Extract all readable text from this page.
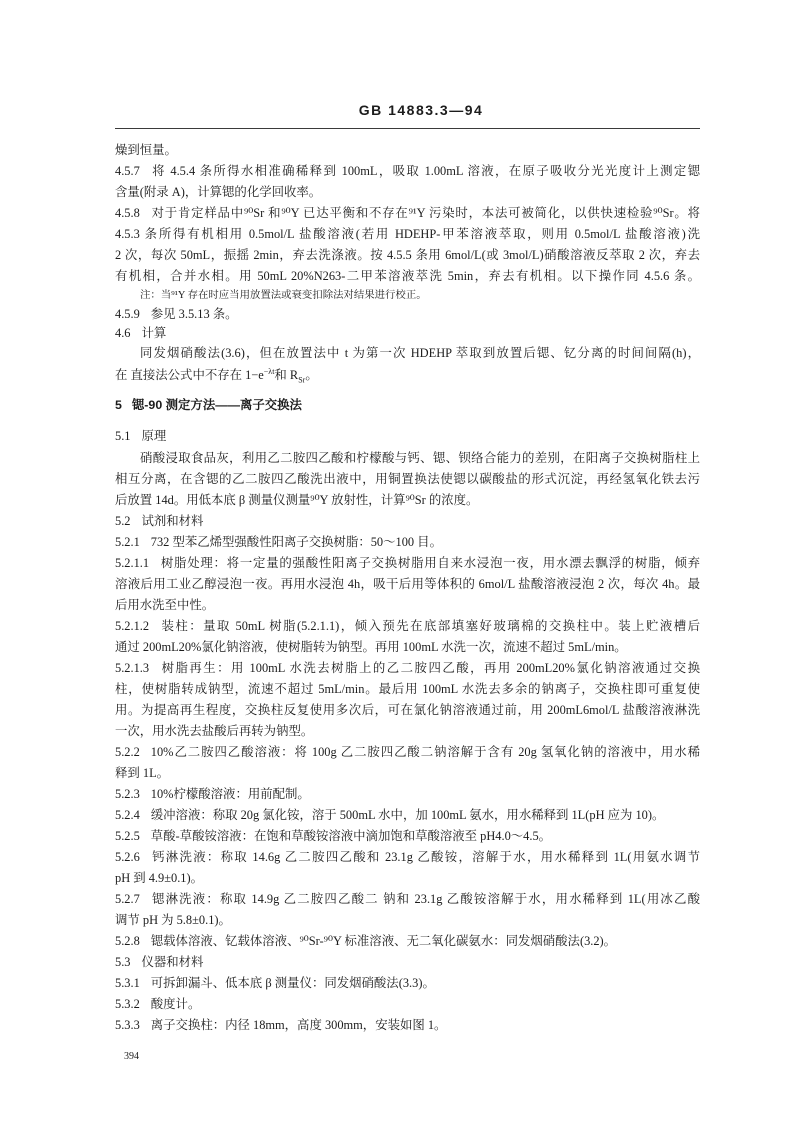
GB 14883.3—94
燥到恒量。
4.5.7 将 4.5.4 条所得水相准确稀释到 100mL，吸取 1.00mL 溶液，在原子吸收分光光度计上测定锶
含量(附录 A)，计算锶的化学回收率。
4.5.8 对于肯定样品中⁹⁰Sr 和⁹⁰Y 已达平衡和不存在⁹¹Y 污染时，本法可被简化，以供快速检验⁹⁰Sr。将
4.5.3 条所得有机相用 0.5mol/L 盐酸溶液(若用 HDEHP-甲苯溶液萃取，则用 0.5mol/L 盐酸溶液)洗
2 次，每次 50mL，振摇 2min，弃去洗涤液。按 4.5.5 条用 6mol/L(或 3mol/L)硝酸溶液反萃取 2 次，弃去
有机相，合并水相。用 50mL 20%N263-二甲苯溶液萃洗 5min，弃去有机相。以下操作同 4.5.6 条。
注：当⁹¹Y 存在时应当用放置法或衰变扣除法对结果进行校正。
4.5.9 参见 3.5.13 条。
4.6 计算
同发烟硝酸法(3.6)，但在放置法中 t 为第一次 HDEHP 萃取到放置后锶、钇分离的时间间隔(h)，
在 直接法公式中不存在 $1-e^{-\lambda t}$和 $R_{Sr}$。
5 锶-90 测定方法——离子交换法
5.1 原理
硝酸浸取食品灰，利用乙二胺四乙酸和柠檬酸与钙、锶、钡络合能力的差别，在阳离子交换树脂柱上
相互分离，在含锶的乙二胺四乙酸洗出液中，用铜置换法使锶以碳酸盐的形式沉淀，再经氢氧化铁去污
后放置 14d。用低本底 β 测量仪测量⁹⁰Y 放射性，计算⁹⁰Sr 的浓度。
5.2 试剂和材料
5.2.1 732 型苯乙烯型强酸性阳离子交换树脂：50～100 目。
5.2.1.1 树脂处理：将一定量的强酸性阳离子交换树脂用自来水浸泡一夜，用水漂去飘浮的树脂，倾弃
溶液后用工业乙醇浸泡一夜。再用水浸泡 4h，吸干后用等体积的 6mol/L 盐酸溶液浸泡 2 次，每次 4h。最
后用水洗至中性。
5.2.1.2 装柱：量取 50mL 树脂(5.2.1.1)，倾入预先在底部填塞好玻璃棉的交换柱中。装上贮液槽后
通过 200mL20%氯化钠溶液，使树脂转为钠型。再用 100mL 水洗一次，流速不超过 5mL/min。
5.2.1.3 树脂再生：用 100mL 水洗去树脂上的乙二胺四乙酸，再用 200mL20%氯化钠溶液通过交换
柱，使树脂转成钠型，流速不超过 5mL/min。最后用 100mL 水洗去多余的钠离子，交换柱即可重复使
用。为提高再生程度，交换柱反复使用多次后，可在氯化钠溶液通过前，用 200mL6mol/L 盐酸溶液淋洗
一次，用水洗去盐酸后再转为钠型。
5.2.2 10%乙二胺四乙酸溶液：将 100g 乙二胺四乙酸二钠溶解于含有 20g 氢氧化钠的溶液中，用水稀
释到 1L。
5.2.3 10%柠檬酸溶液：用前配制。
5.2.4 缓冲溶液：称取 20g 氯化铵，溶于 500mL 水中，加 100mL 氨水，用水稀释到 1L(pH 应为 10)。
5.2.5 草酸-草酸铵溶液：在饱和草酸铵溶液中滴加饱和草酸溶液至 pH4.0～4.5。
5.2.6 钙淋洗液：称取 14.6g 乙二胺四乙酸和 23.1g 乙酸铵，溶解于水，用水稀释到 1L(用氨水调节
pH 到 4.9±0.1)。
5.2.7 锶淋洗液：称取 14.9g 乙二胺四乙酸二 钠和 23.1g 乙酸铵溶解于水，用水稀释到 1L(用冰乙酸
调节 pH 为 5.8±0.1)。
5.2.8 锶载体溶液、钇载体溶液、⁹⁰Sr-⁹⁰Y 标准溶液、无二氧化碳氨水：同发烟硝酸法(3.2)。
5.3 仪器和材料
5.3.1 可拆卸漏斗、低本底 β 测量仪：同发烟硝酸法(3.3)。
5.3.2 酸度计。
5.3.3 离子交换柱：内径 18mm，高度 300mm，安装如图 1。
394
